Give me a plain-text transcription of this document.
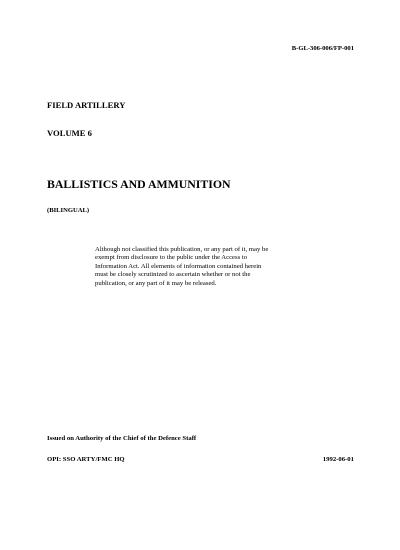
B-GL-306-006/FP-001
FIELD ARTILLERY
VOLUME 6
BALLISTICS AND AMMUNITION
(BILINGUAL)

Although not classified this publication, or any part of it, may be
exempt from disclosure to the public under the Access to
Information Act. All elements of information contained herein
must be closely scrutinized to ascertain whether or not the
publication, or any part of it may be released.

Issued on Authority of the Chief of the Defence Staff
OPI: SSO ARTY/FMC HQ	1992-06-01
